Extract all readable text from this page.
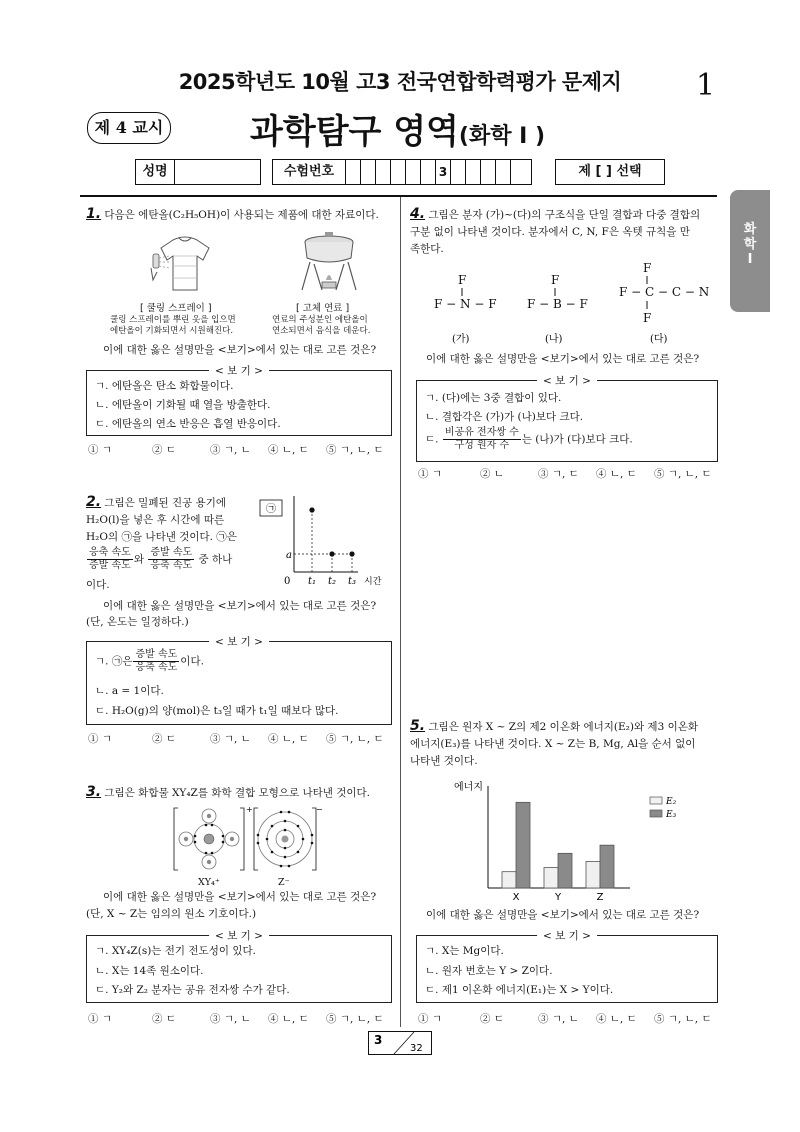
2025학년도 10월 고3 전국연합학력평가 문제지	1
제 4 교시	과학탐구 영역(화학 Ⅰ )
성명	수험번호	3	제 [ ] 선택
화
학
Ⅰ
1. 다음은 에탄올(C₂H₅OH)이 사용되는 제품에 대한 자료이다.
[ 쿨링 스프레이 ]
쿨링 스프레이를 뿌린 옷을 입으면
에탄올이 기화되면서 시원해진다.
[ 고체 연료 ]
연료의 주성분인 에탄올이
연소되면서 음식을 데운다.
이에 대한 옳은 설명만을 <보기>에서 있는 대로 고른 것은?
< 보 기 >
ㄱ. 에탄올은 탄소 화합물이다.
ㄴ. 에탄올이 기화될 때 열을 방출한다.
ㄷ. 에탄올의 연소 반응은 흡열 반응이다.
① ㄱ	② ㄷ	③ ㄱ, ㄴ ④ ㄴ, ㄷ ⑤ ㄱ, ㄴ, ㄷ
2. 그림은 밀폐된 진공 용기에
H₂O(l)을 넣은 후 시간에 따른
H₂O의 ㉠을 나타낸 것이다. ㉠은
$\frac{\text{응축 속도}}{\text{증발 속도}}$ 와 $\frac{\text{증발 속도}}{\text{응축 속도}}$ 중 하나
이다.
㉠
a
0 t₁ t₂ t₃ 시간
이에 대한 옳은 설명만을 <보기>에서 있는 대로 고른 것은?
(단, 온도는 일정하다.)
< 보 기 >
ㄱ. ㉠은 $\frac{\text{증발 속도}}{\text{응축 속도}}$ 이다.
ㄴ. a = 1이다.
ㄷ. H₂O(g)의 양(mol)은 t₃일 때가 t₁일 때보다 많다.
① ㄱ	② ㄷ	③ ㄱ, ㄴ ④ ㄴ, ㄷ ⑤ ㄱ, ㄴ, ㄷ
3. 그림은 화합물 XY₄Z를 화학 결합 모형으로 나타낸 것이다.
+	−
XY₄⁺	Z⁻
이에 대한 옳은 설명만을 <보기>에서 있는 대로 고른 것은?
(단, X ~ Z는 임의의 원소 기호이다.)
< 보 기 >
ㄱ. XY₄Z(s)는 전기 전도성이 있다.
ㄴ. X는 14족 원소이다.
ㄷ. Y₂와 Z₂ 분자는 공유 전자쌍 수가 같다.
① ㄱ	② ㄷ	③ ㄱ, ㄴ ④ ㄴ, ㄷ ⑤ ㄱ, ㄴ, ㄷ
4. 그림은 분자 (가)~(다)의 구조식을 단일 결합과 다중 결합의
구분 없이 나타낸 것이다. 분자에서 C, N, F은 옥텟 규칙을 만
족한다.
F
F − N − F
F
F − B − F
F
F − C − C − N
F
(가)	(나)	(다)
이에 대한 옳은 설명만을 <보기>에서 있는 대로 고른 것은?
< 보 기 >
ㄱ. (다)에는 3중 결합이 있다.
ㄴ. 결합각은 (가)가 (나)보다 크다.
ㄷ. $\frac{\text{비공유 전자쌍 수}}{\text{구성 원자 수}}$ 는 (나)가 (다)보다 크다.
① ㄱ	② ㄴ	③ ㄱ, ㄷ ④ ㄴ, ㄷ ⑤ ㄱ, ㄴ, ㄷ
5. 그림은 원자 X ~ Z의 제2 이온화 에너지(E₂)와 제3 이온화
에너지(E₃)를 나타낸 것이다. X ~ Z는 B, Mg, Al을 순서 없이
나타낸 것이다.
에너지
X	Y	Z
E₂
E₃
이에 대한 옳은 설명만을 <보기>에서 있는 대로 고른 것은?
< 보 기 >
ㄱ. X는 Mg이다.
ㄴ. 원자 번호는 Y > Z이다.
ㄷ. 제1 이온화 에너지(E₁)는 X > Y이다.
① ㄱ	② ㄷ	③ ㄱ, ㄴ ④ ㄴ, ㄷ ⑤ ㄱ, ㄴ, ㄷ
3
32
